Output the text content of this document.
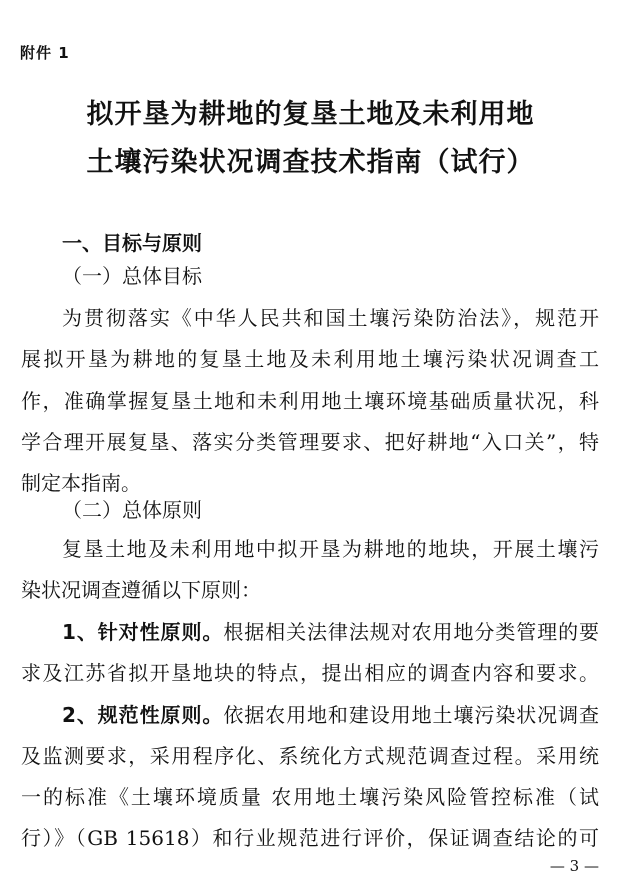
附件 1
拟开垦为耕地的复垦土地及未利用地
土壤污染状况调查技术指南（试行）
一、目标与原则
（一）总体目标
为贯彻落实《中华人民共和国土壤污染防治法》，规范开
展拟开垦为耕地的复垦土地及未利用地土壤污染状况调查工
作，准确掌握复垦土地和未利用地土壤环境基础质量状况，科
学合理开展复垦、落实分类管理要求、把好耕地“入口关”，特
制定本指南。
（二）总体原则
复垦土地及未利用地中拟开垦为耕地的地块，开展土壤污
染状况调查遵循以下原则：
1、针对性原则。根据相关法律法规对农用地分类管理的要
求及江苏省拟开垦地块的特点，提出相应的调查内容和要求。
2、规范性原则。依据农用地和建设用地土壤污染状况调查
及监测要求，采用程序化、系统化方式规范调查过程。采用统
一的标准《土壤环境质量 农用地土壤污染风险管控标准（试
行）》（GB 15618）和行业规范进行评价，保证调查结论的可
— 3 —
